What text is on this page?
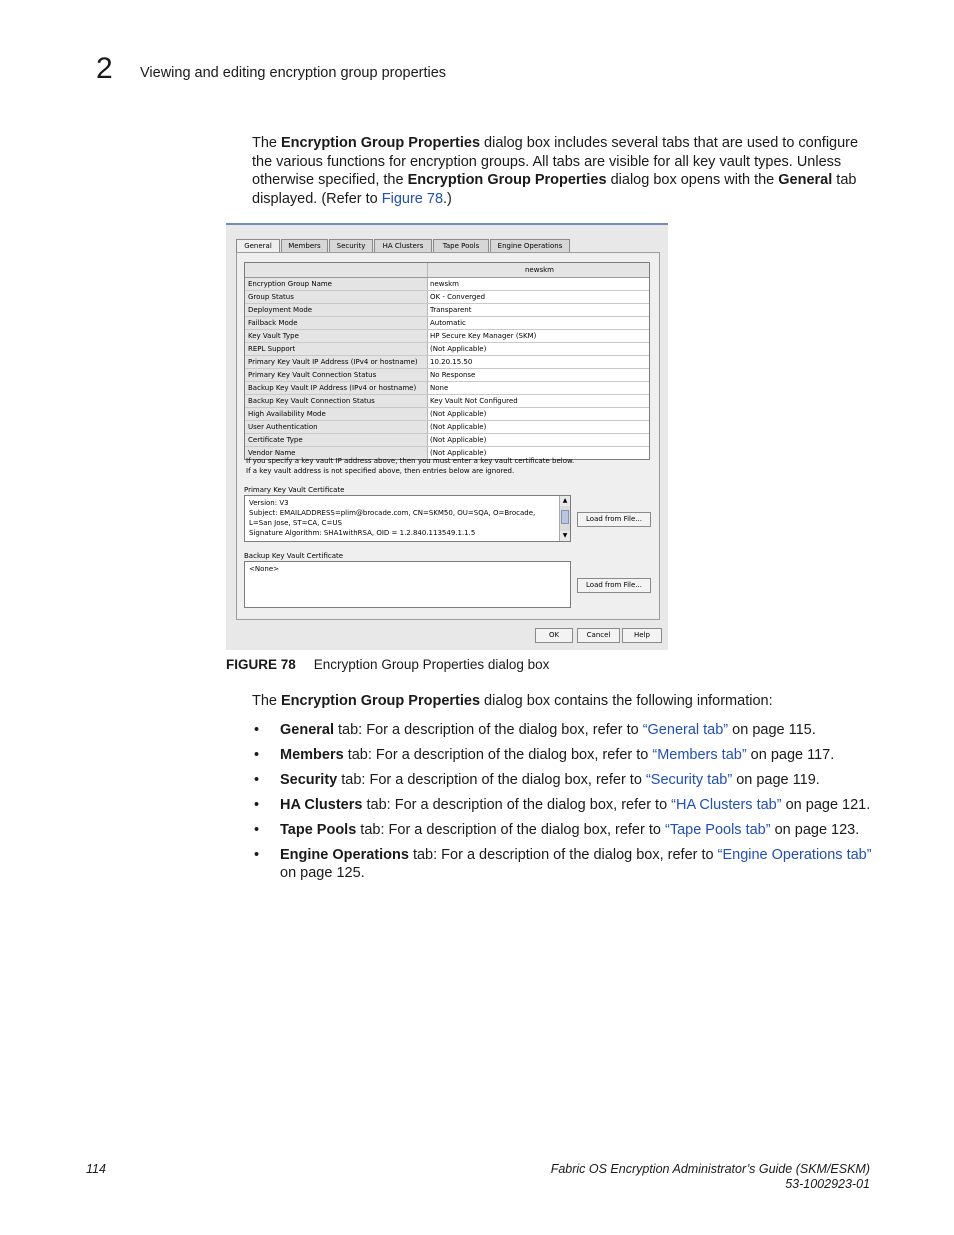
2 Viewing and editing encryption group properties
The Encryption Group Properties dialog box includes several tabs that are used to configure the various functions for encryption groups. All tabs are visible for all key vault types. Unless otherwise specified, the Encryption Group Properties dialog box opens with the General tab displayed. (Refer to Figure 78.)
General	Members	Security	HA Clusters	Tape Pools	Engine Operations
newskm
Encryption Group Name	newskm
Group Status	OK - Converged
Deployment Mode	Transparent
Failback Mode	Automatic
Key Vault Type	HP Secure Key Manager (SKM)
REPL Support	(Not Applicable)
Primary Key Vault IP Address (IPv4 or hostname)	10.20.15.50
Primary Key Vault Connection Status	No Response
Backup Key Vault IP Address (IPv4 or hostname)	None
Backup Key Vault Connection Status	Key Vault Not Configured
High Availability Mode	(Not Applicable)
User Authentication	(Not Applicable)
Certificate Type	(Not Applicable)
Vendor Name	(Not Applicable)
If you specify a key vault IP address above, then you must enter a key vault certificate below.
If a key vault address is not specified above, then entries below are ignored.
Primary Key Vault Certificate
Version: V3
Subject: EMAILADDRESS=plim@brocade.com, CN=SKM50, OU=SQA, O=Brocade,
L=San Jose, ST=CA, C=US
Signature Algorithm: SHA1withRSA, OID = 1.2.840.113549.1.1.5
▲
▼
Load from File...
Backup Key Vault Certificate
<None>
Load from File...
OK	Cancel	Help
FIGURE 78 Encryption Group Properties dialog box
The Encryption Group Properties dialog box contains the following information:
• General tab: For a description of the dialog box, refer to “General tab” on page 115.
• Members tab: For a description of the dialog box, refer to “Members tab” on page 117.
• Security tab: For a description of the dialog box, refer to “Security tab” on page 119.
• HA Clusters tab: For a description of the dialog box, refer to “HA Clusters tab” on page 121.
• Tape Pools tab: For a description of the dialog box, refer to “Tape Pools tab” on page 123.
• Engine Operations tab: For a description of the dialog box, refer to “Engine Operations tab” on page 125.
114	Fabric OS Encryption Administrator’s Guide (SKM/ESKM)
53-1002923-01
